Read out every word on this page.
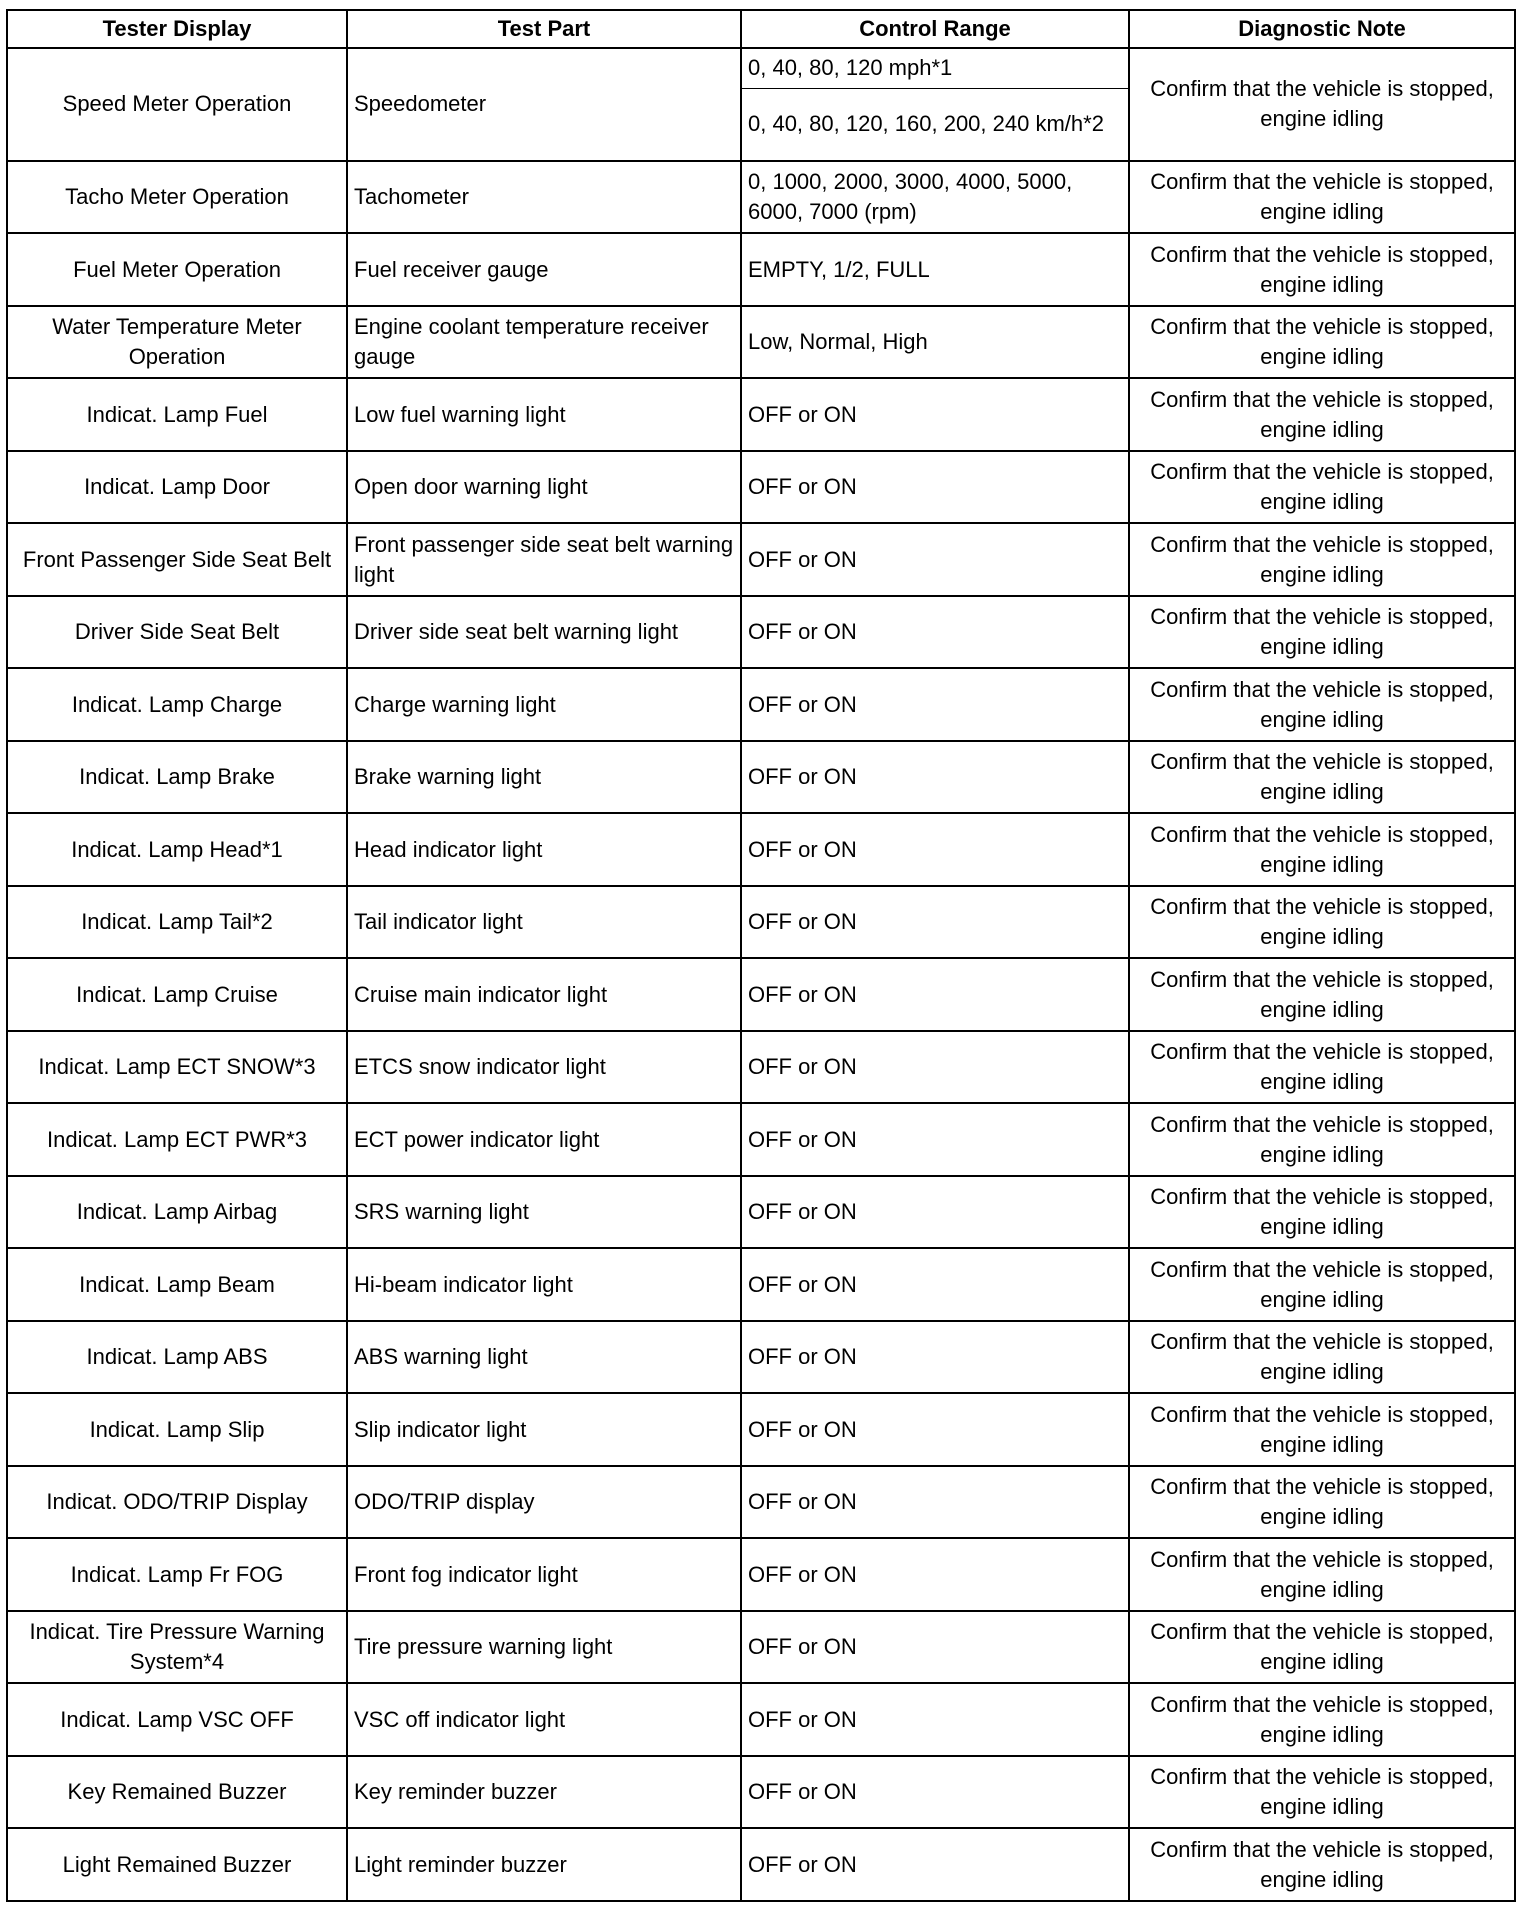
Tester Display	Test Part	Control Range	Diagnostic Note
Speed Meter Operation	Speedometer	0, 40, 80, 120 mph*1	Confirm that the vehicle is stopped, engine idling
		0, 40, 80, 120, 160, 200, 240 km/h*2	
Tacho Meter Operation	Tachometer	0, 1000, 2000, 3000, 4000, 5000, 6000, 7000 (rpm)	Confirm that the vehicle is stopped, engine idling
Fuel Meter Operation	Fuel receiver gauge	EMPTY, 1/2, FULL	Confirm that the vehicle is stopped, engine idling
Water Temperature Meter Operation	Engine coolant temperature receiver gauge	Low, Normal, High	Confirm that the vehicle is stopped, engine idling
Indicat. Lamp Fuel	Low fuel warning light	OFF or ON	Confirm that the vehicle is stopped, engine idling
Indicat. Lamp Door	Open door warning light	OFF or ON	Confirm that the vehicle is stopped, engine idling
Front Passenger Side Seat Belt	Front passenger side seat belt warning light	OFF or ON	Confirm that the vehicle is stopped, engine idling
Driver Side Seat Belt	Driver side seat belt warning light	OFF or ON	Confirm that the vehicle is stopped, engine idling
Indicat. Lamp Charge	Charge warning light	OFF or ON	Confirm that the vehicle is stopped, engine idling
Indicat. Lamp Brake	Brake warning light	OFF or ON	Confirm that the vehicle is stopped, engine idling
Indicat. Lamp Head*1	Head indicator light	OFF or ON	Confirm that the vehicle is stopped, engine idling
Indicat. Lamp Tail*2	Tail indicator light	OFF or ON	Confirm that the vehicle is stopped, engine idling
Indicat. Lamp Cruise	Cruise main indicator light	OFF or ON	Confirm that the vehicle is stopped, engine idling
Indicat. Lamp ECT SNOW*3	ETCS snow indicator light	OFF or ON	Confirm that the vehicle is stopped, engine idling
Indicat. Lamp ECT PWR*3	ECT power indicator light	OFF or ON	Confirm that the vehicle is stopped, engine idling
Indicat. Lamp Airbag	SRS warning light	OFF or ON	Confirm that the vehicle is stopped, engine idling
Indicat. Lamp Beam	Hi-beam indicator light	OFF or ON	Confirm that the vehicle is stopped, engine idling
Indicat. Lamp ABS	ABS warning light	OFF or ON	Confirm that the vehicle is stopped, engine idling
Indicat. Lamp Slip	Slip indicator light	OFF or ON	Confirm that the vehicle is stopped, engine idling
Indicat. ODO/TRIP Display	ODO/TRIP display	OFF or ON	Confirm that the vehicle is stopped, engine idling
Indicat. Lamp Fr FOG	Front fog indicator light	OFF or ON	Confirm that the vehicle is stopped, engine idling
Indicat. Tire Pressure Warning System*4	Tire pressure warning light	OFF or ON	Confirm that the vehicle is stopped, engine idling
Indicat. Lamp VSC OFF	VSC off indicator light	OFF or ON	Confirm that the vehicle is stopped, engine idling
Key Remained Buzzer	Key reminder buzzer	OFF or ON	Confirm that the vehicle is stopped, engine idling
Light Remained Buzzer	Light reminder buzzer	OFF or ON	Confirm that the vehicle is stopped, engine idling
